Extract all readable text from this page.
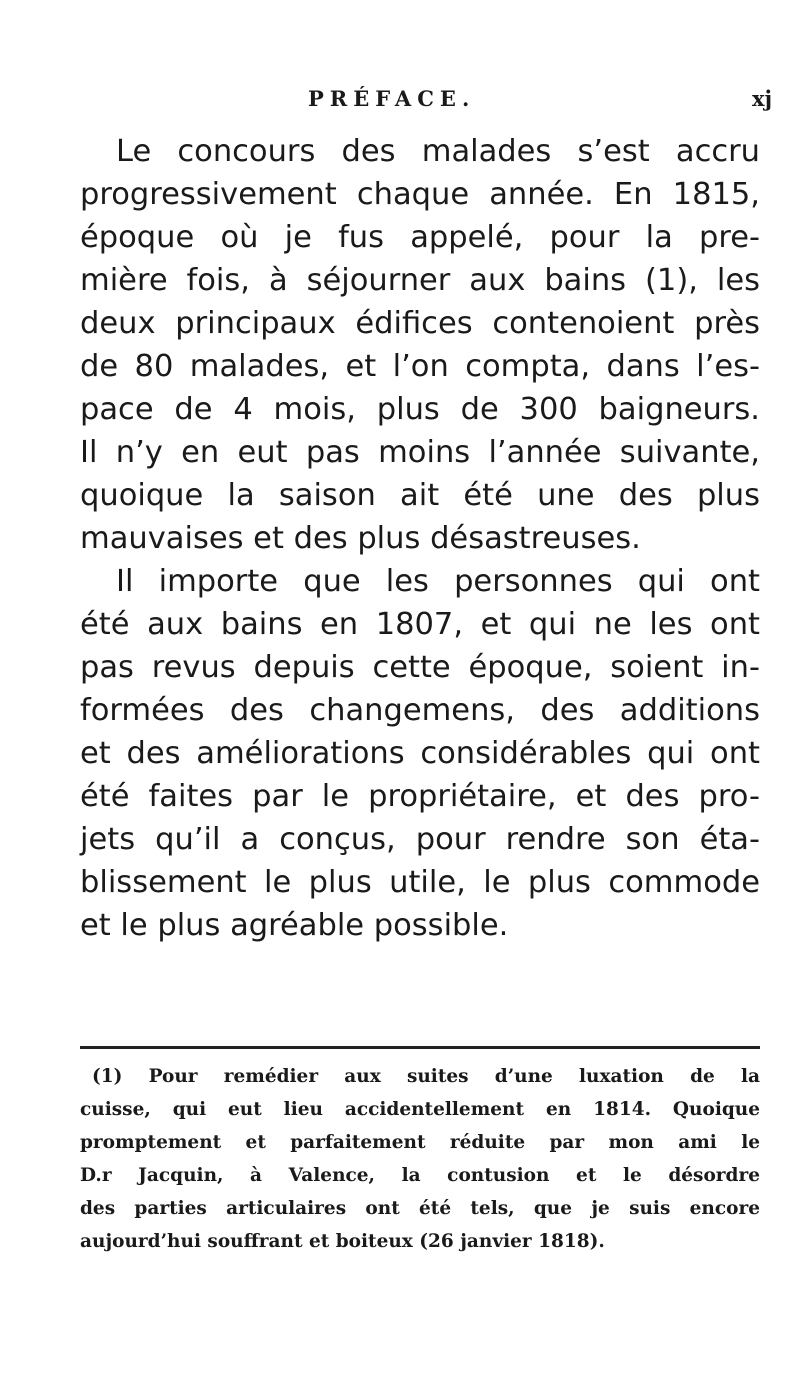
PRÉFACE.	xj
Le concours des malades s’est accru
progressivement chaque année. En 1815,
époque où je fus appelé, pour la pre-
mière fois, à séjourner aux bains (1), les
deux principaux édifices contenoient près
de 80 malades, et l’on compta, dans l’es-
pace de 4 mois, plus de 300 baigneurs.
Il n’y en eut pas moins l’année suivante,
quoique la saison ait été une des plus
mauvaises et des plus désastreuses.
Il importe que les personnes qui ont
été aux bains en 1807, et qui ne les ont
pas revus depuis cette époque, soient in-
formées des changemens, des additions
et des améliorations considérables qui ont
été faites par le propriétaire, et des pro-
jets qu’il a conçus, pour rendre son éta-
blissement le plus utile, le plus commode
et le plus agréable possible.
(1) Pour remédier aux suites d’une luxation de la
cuisse, qui eut lieu accidentellement en 1814. Quoique
promptement et parfaitement réduite par mon ami le
D.r Jacquin, à Valence, la contusion et le désordre
des parties articulaires ont été tels, que je suis encore
aujourd’hui souffrant et boiteux (26 janvier 1818).
